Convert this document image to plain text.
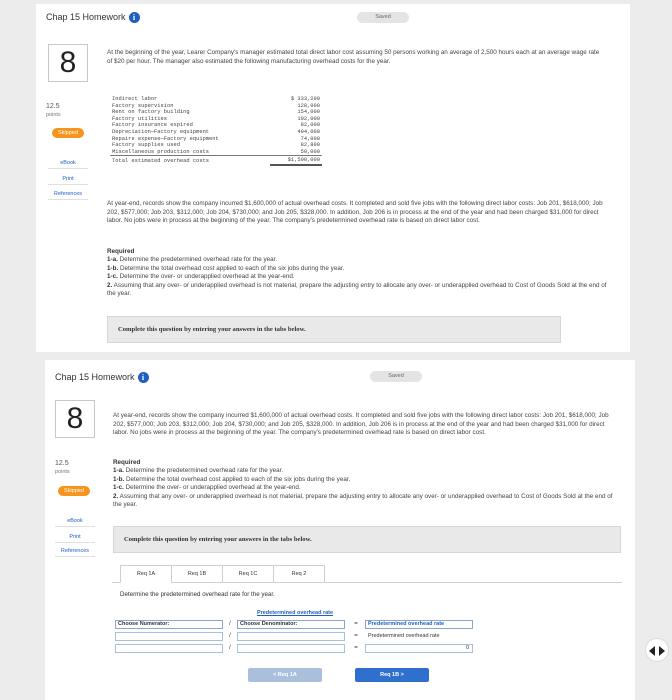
Chap 15 Homework i	Saved
8
12.5
points
Skipped
eBook
Print
References
At the beginning of the year, Learer Company's manager estimated total direct labor cost assuming 50 persons working an average of 2,500 hours each at an average wage rate of $20 per hour. The manager also estimated the following manufacturing overhead costs for the year.
Indirect labor	$ 333,200
Factory supervision	128,000
Rent on factory building	154,000
Factory utilities	102,000
Factory insurance expired	82,000
Depreciation—Factory equipment	494,000
Repairs expense—Factory equipment	74,000
Factory supplies used	82,800
Miscellaneous production costs	50,000
Total estimated overhead costs	$1,500,000
At year-end, records show the company incurred $1,600,000 of actual overhead costs. It completed and sold five jobs with the following direct labor costs: Job 201, $618,000; Job 202, $577,000; Job 203, $312,000; Job 204, $730,000; and Job 205, $328,000. In addition, Job 206 is in process at the end of the year and had been charged $31,000 for direct labor. No jobs were in process at the beginning of the year. The company's predetermined overhead rate is based on direct labor cost.
Required
1-a. Determine the predetermined overhead rate for the year.
1-b. Determine the total overhead cost applied to each of the six jobs during the year.
1-c. Determine the over- or underapplied overhead at the year-end.
2. Assuming that any over- or underapplied overhead is not material, prepare the adjusting entry to allocate any over- or underapplied overhead to Cost of Goods Sold at the end of the year.
Complete this question by entering your answers in the tabs below.
Chap 15 Homework i	Saved
8
12.5
points
Skipped
eBook
Print
References
At year-end, records show the company incurred $1,600,000 of actual overhead costs. It completed and sold five jobs with the following direct labor costs: Job 201, $618,000; Job 202, $577,000; Job 203, $312,000; Job 204, $730,000; and Job 205, $328,000. In addition, Job 206 is in process at the end of the year and had been charged $31,000 for direct labor. No jobs were in process at the beginning of the year. The company's predetermined overhead rate is based on direct labor cost.
Required
1-a. Determine the predetermined overhead rate for the year.
1-b. Determine the total overhead cost applied to each of the six jobs during the year.
1-c. Determine the over- or underapplied overhead at the year-end.
2. Assuming that any over- or underapplied overhead is not material, prepare the adjusting entry to allocate any over- or underapplied overhead to Cost of Goods Sold at the end of the year.
Complete this question by entering your answers in the tabs below.
Req 1A	Req 1B	Req 1C	Req 2
Determine the predetermined overhead rate for the year.
Predetermined overhead rate
Choose Numerator:	/	Choose Denominator:	=	Predetermined overhead rate
/	=	Predetermined overhead rate
/	=	0
< Req 1A	Req 1B >
